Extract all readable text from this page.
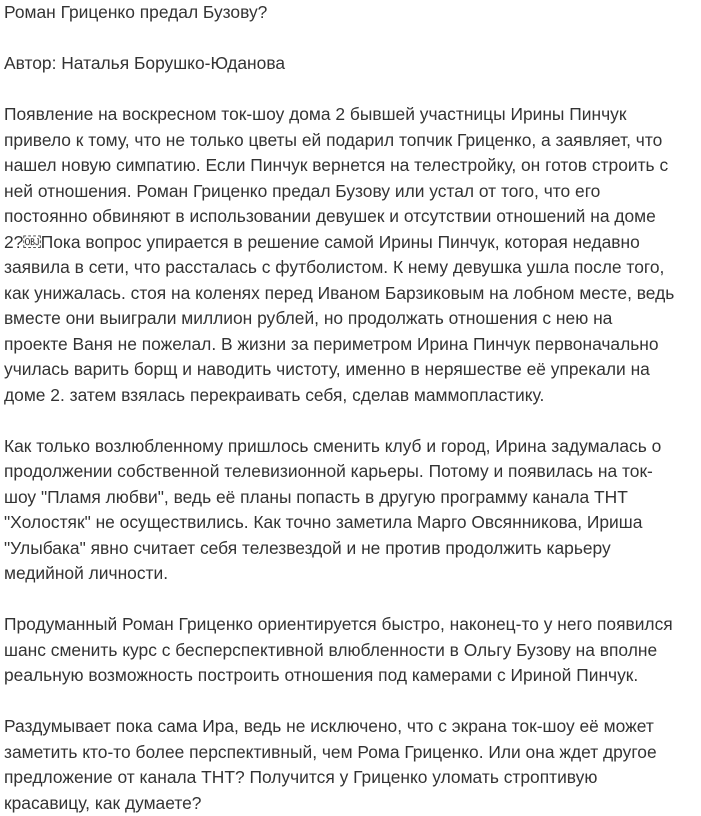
Роман Гриценко предал Бузову?

Автор: Наталья Борушко-Юданова

Появление на воскресном ток-шоу дома 2 бывшей участницы Ирины Пинчук
привело к тому, что не только цветы ей подарил топчик Гриценко, а заявляет, что
нашел новую симпатию. Если Пинчук вернется на телестройку, он готов строить с
ней отношения. Роман Гриценко предал Бузову или устал от того, что его
постоянно обвиняют в использовании девушек и отсутствии отношений на доме
2?￼Пока вопрос упирается в решение самой Ирины Пинчук, которая недавно
заявила в сети, что рассталась с футболистом. К нему девушка ушла после того,
как унижалась. стоя на коленях перед Иваном Барзиковым на лобном месте, ведь
вместе они выиграли миллион рублей, но продолжать отношения с нею на
проекте Ваня не пожелал. В жизни за периметром Ирина Пинчук первоначально
училась варить борщ и наводить чистоту, именно в неряшестве её упрекали на
доме 2. затем взялась перекраивать себя, сделав маммопластику.

Как только возлюбленному пришлось сменить клуб и город, Ирина задумалась о
продолжении собственной телевизионной карьеры. Потому и появилась на ток-
шоу "Пламя любви", ведь её планы попасть в другую программу канала ТНТ
"Холостяк" не осуществились. Как точно заметила Марго Овсянникова, Ириша
"Улыбака" явно считает себя телезвездой и не против продолжить карьеру
медийной личности.

Продуманный Роман Гриценко ориентируется быстро, наконец-то у него появился
шанс сменить курс с бесперспективной влюбленности в Ольгу Бузову на вполне
реальную возможность построить отношения под камерами с Ириной Пинчук.

Раздумывает пока сама Ира, ведь не исключено, что с экрана ток-шоу её может
заметить кто-то более перспективный, чем Рома Гриценко. Или она ждет другое
предложение от канала ТНТ? Получится у Гриценко уломать строптивую
красавицу, как думаете?
